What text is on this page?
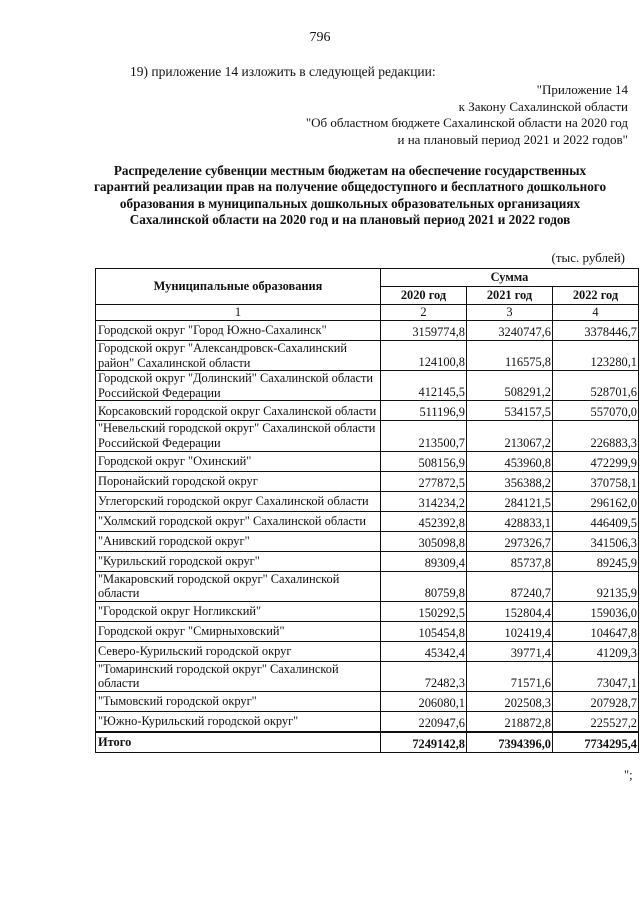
796
19) приложение 14 изложить в следующей редакции:
"Приложение 14
к Закону Сахалинской области
"Об областном бюджете Сахалинской области на 2020 год
и на плановый период 2021 и 2022 годов"
Распределение субвенции местным бюджетам на обеспечение государственных
гарантий реализации прав на получение общедоступного и бесплатного дошкольного
образования в муниципальных дошкольных образовательных организациях
Сахалинской области на 2020 год и на плановый период 2021 и 2022 годов
(тыс. рублей)
Муниципальные образования	Сумма		
	2020 год	2021 год	2022 год
1	2	3	4
Городской округ "Город Южно-Сахалинск"	3159774,8	3240747,6	3378446,7
Городской округ "Александровск-Сахалинский район" Сахалинской области	124100,8	116575,8	123280,1
Городской округ "Долинский" Сахалинской области Российской Федерации	412145,5	508291,2	528701,6
Корсаковский городской округ Сахалинской области	511196,9	534157,5	557070,0
"Невельский городской округ" Сахалинской области Российской Федерации	213500,7	213067,2	226883,3
Городской округ "Охинский"	508156,9	453960,8	472299,9
Поронайский городской округ	277872,5	356388,2	370758,1
Углегорский городской округ Сахалинской области	314234,2	284121,5	296162,0
"Холмский городской округ" Сахалинской области	452392,8	428833,1	446409,5
"Анивский городской округ"	305098,8	297326,7	341506,3
"Курильский городской округ"	89309,4	85737,8	89245,9
"Макаровский городской округ" Сахалинской области	80759,8	87240,7	92135,9
"Городской округ Ногликский"	150292,5	152804,4	159036,0
Городской округ "Смирныховский"	105454,8	102419,4	104647,8
Северо-Курильский городской округ	45342,4	39771,4	41209,3
"Томаринский городской округ" Сахалинской области	72482,3	71571,6	73047,1
"Тымовский городской округ"	206080,1	202508,3	207928,7
"Южно-Курильский городской округ"	220947,6	218872,8	225527,2
Итого	7249142,8	7394396,0	7734295,4
";
